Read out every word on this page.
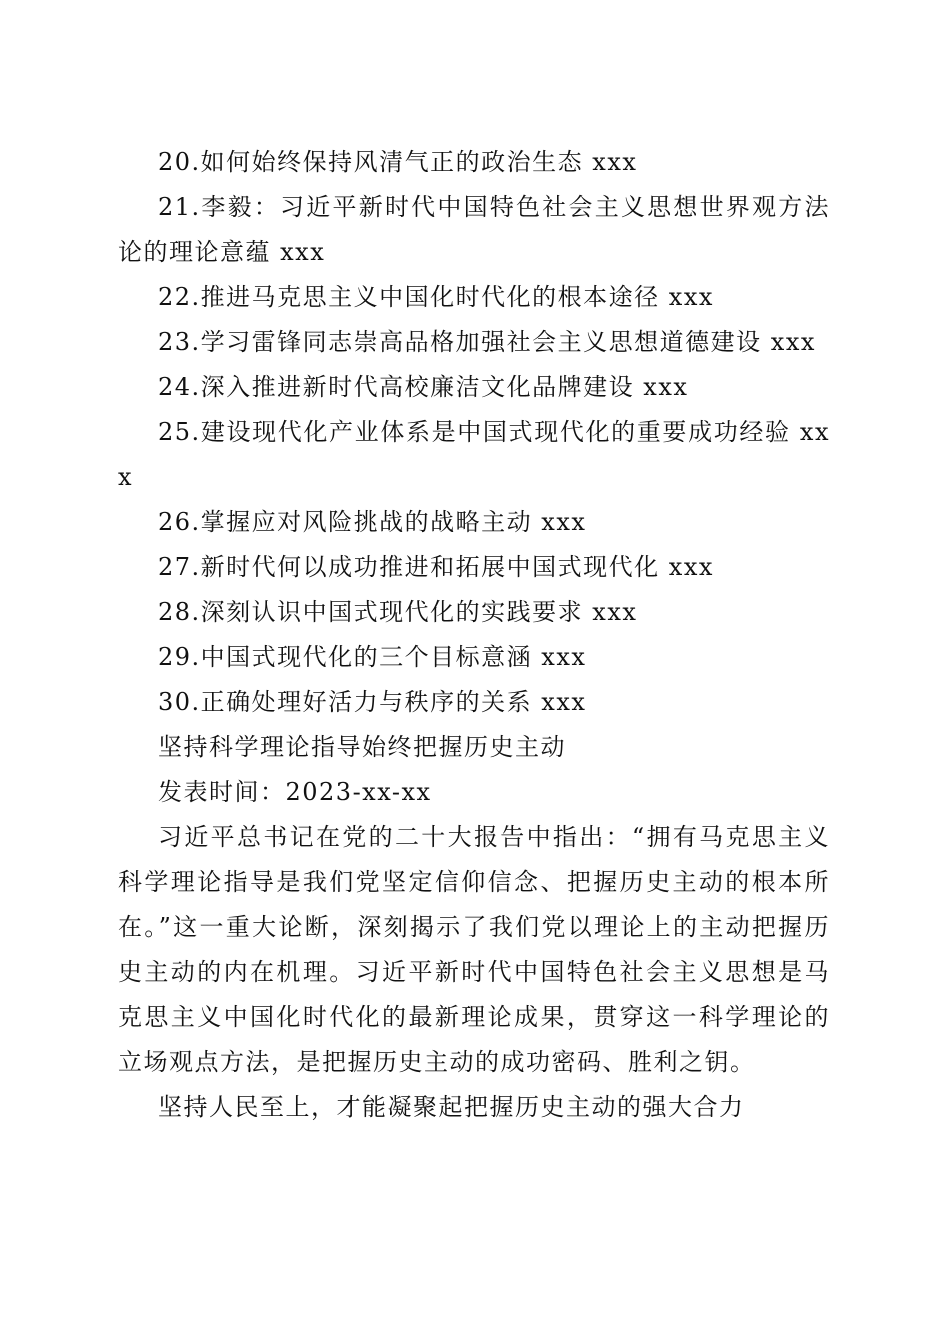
20.如何始终保持风清气正的政治生态 xxx

21.李毅：习近平新时代中国特色社会主义思想世界观方法论的理论意蕴 xxx

22.推进马克思主义中国化时代化的根本途径 xxx

23.学习雷锋同志崇高品格加强社会主义思想道德建设 xxx

24.深入推进新时代高校廉洁文化品牌建设 xxx

25.建设现代化产业体系是中国式现代化的重要成功经验 xxx

26.掌握应对风险挑战的战略主动 xxx

27.新时代何以成功推进和拓展中国式现代化 xxx

28.深刻认识中国式现代化的实践要求 xxx

29.中国式现代化的三个目标意涵 xxx

30.正确处理好活力与秩序的关系 xxx

坚持科学理论指导始终把握历史主动

发表时间：2023-xx-xx

习近平总书记在党的二十大报告中指出：“拥有马克思主义科学理论指导是我们党坚定信仰信念、把握历史主动的根本所在。”这一重大论断，深刻揭示了我们党以理论上的主动把握历史主动的内在机理。习近平新时代中国特色社会主义思想是马克思主义中国化时代化的最新理论成果，贯穿这一科学理论的立场观点方法，是把握历史主动的成功密码、胜利之钥。

坚持人民至上，才能凝聚起把握历史主动的强大合力
